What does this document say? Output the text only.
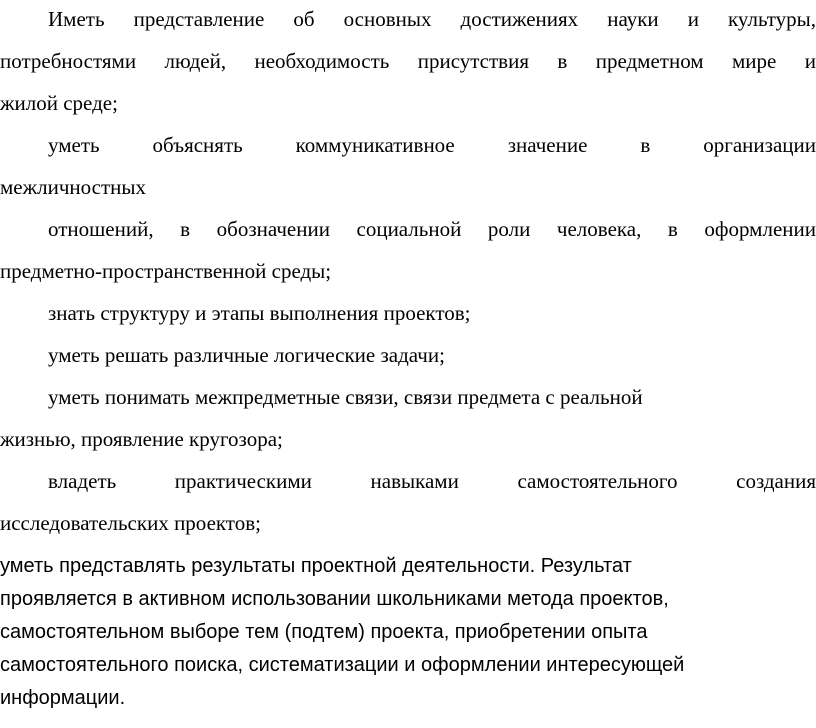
Иметь представление об основных достижениях науки и культуры,
потребностями людей, необходимость присутствия в предметном мире и
жилой среде;
уметь объяснять коммуникативное значение в организации
межличностных
отношений, в обозначении социальной роли человека, в оформлении
предметно-пространственной среды;
знать структуру и этапы выполнения проектов;
уметь решать различные логические задачи;
уметь понимать межпредметные связи, связи предмета с реальной
жизнью, проявление кругозора;
владеть практическими навыками самостоятельного создания
исследовательских проектов;
уметь представлять результаты проектной деятельности. Результат
проявляется в активном использовании школьниками метода проектов,
самостоятельном выборе тем (подтем) проекта, приобретении опыта
самостоятельного поиска, систематизации и оформлении интересующей
информации.
